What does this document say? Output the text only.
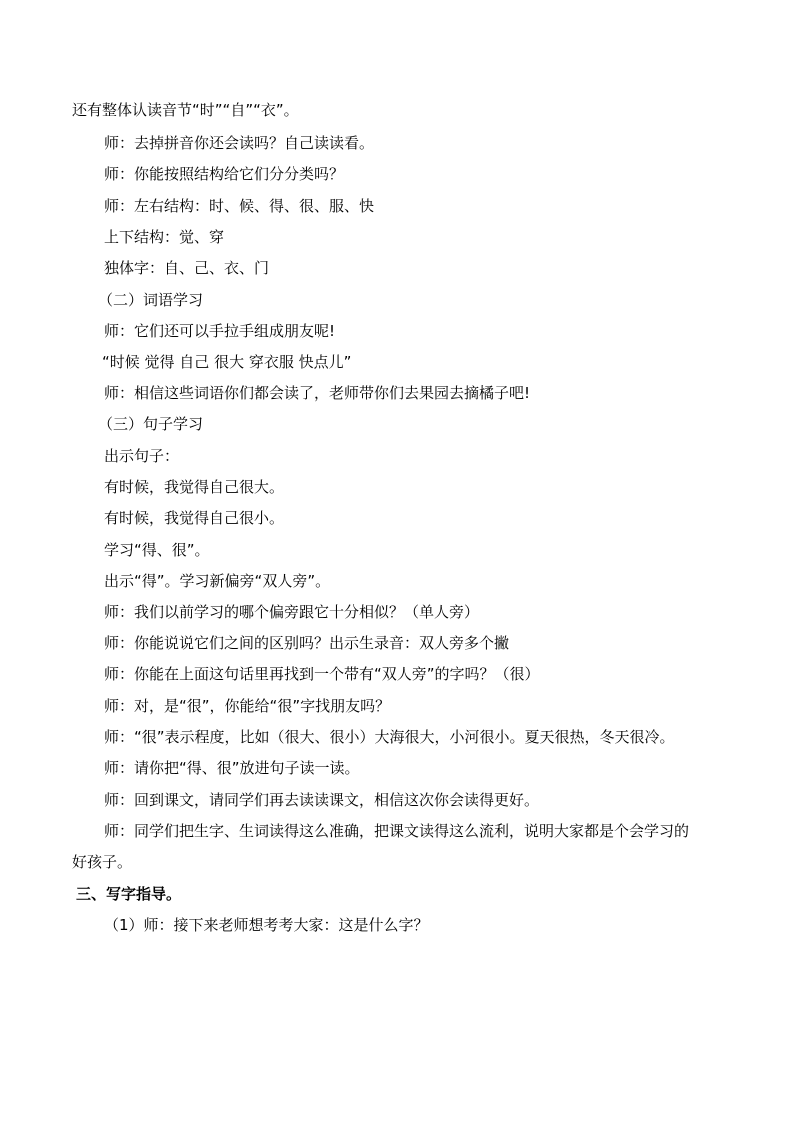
还有整体认读音节“时”“自”“衣”。
师：去掉拼音你还会读吗？自己读读看。
师：你能按照结构给它们分分类吗？
师：左右结构：时、候、得、很、服、快
上下结构：觉、穿
独体字：自、己、衣、门
（二）词语学习
师：它们还可以手拉手组成朋友呢!
“时候 觉得 自己 很大 穿衣服 快点儿”
师：相信这些词语你们都会读了，老师带你们去果园去摘橘子吧!
（三）句子学习
出示句子：
有时候，我觉得自己很大。
有时候，我觉得自己很小。
学习“得、很”。
出示“得”。学习新偏旁“双人旁”。
师：我们以前学习的哪个偏旁跟它十分相似？（单人旁）
师：你能说说它们之间的区别吗？出示生录音：双人旁多个撇
师：你能在上面这句话里再找到一个带有“双人旁”的字吗？（很）
师：对，是“很”，你能给“很”字找朋友吗？
师：“很”表示程度，比如（很大、很小）大海很大，小河很小。夏天很热，冬天很冷。
师：请你把“得、很”放进句子读一读。
师：回到课文，请同学们再去读读课文，相信这次你会读得更好。
师：同学们把生字、生词读得这么准确，把课文读得这么流利，说明大家都是个会学习的
好孩子。
三、写字指导。
（1）师：接下来老师想考考大家：这是什么字？
